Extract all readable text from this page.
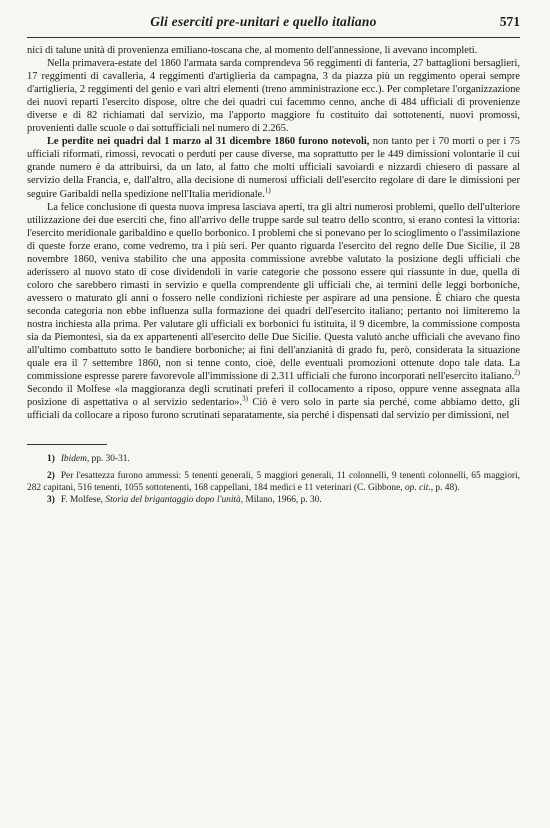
Gli eserciti pre-unitari e quello italiano	571

nici di talune unità di provenienza emiliano-toscana che, al momento dell'annessione, li avevano incompleti.

Nella primavera-estate del 1860 l'armata sarda comprendeva 56 reggimenti di fanteria, 27 battaglioni bersaglieri, 17 reggimenti di cavalleria, 4 reggimenti d'artiglieria da campagna, 3 da piazza più un reggimento operai sempre d'artiglieria, 2 reggimenti del genio e vari altri elementi (treno amministrazione ecc.). Per completare l'organizzazione dei nuovi reparti l'esercito dispose, oltre che dei quadri cui facemmo cenno, anche di 484 ufficiali di provenienze diverse e di 82 richiamati dal servizio, ma l'apporto maggiore fu costituito dai sottotenenti, nuovi promossi, provenienti dalle scuole o dai sottufficiali nel numero di 2.265.

Le perdite nei quadri dal 1 marzo al 31 dicembre 1860 furono notevoli, non tanto per i 70 morti o per i 75 ufficiali riformati, rimossi, revocati o perduti per cause diverse, ma soprattutto per le 449 dimissioni volontarie il cui grande numero è da attribuirsi, da un lato, al fatto che molti ufficiali savoiardi e nizzardi chiesero di passare al servizio della Francia, e, dall'altro, alla decisione di numerosi ufficiali dell'esercito regolare di dare le dimissioni per seguire Garibaldi nella spedizione nell'Italia meridionale.$^{1)}$

La felice conclusione di questa nuova impresa lasciava aperti, tra gli altri numerosi problemi, quello dell'ulteriore utilizzazione dei due eserciti che, fino all'arrivo delle truppe sarde sul teatro dello scontro, si erano contesi la vittoria: l'esercito meridionale garibaldino e quello borbonico. I problemi che si ponevano per lo scioglimento o l'assimilazione di queste forze erano, come vedremo, tra i più seri. Per quanto riguarda l'esercito del regno delle Due Sicilie, il 28 novembre 1860, veniva stabilito che una apposita commissione avrebbe valutato la posizione degli ufficiali che aderissero al nuovo stato di cose dividendoli in varie categorie che possono essere qui riassunte in due, quella di coloro che sarebbero rimasti in servizio e quella comprendente gli ufficiali che, ai termini delle leggi borboniche, avessero o maturato gli anni o fossero nelle condizioni richieste per aspirare ad una pensione. È chiaro che questa seconda categoria non ebbe influenza sulla formazione dei quadri dell'esercito italiano; pertanto noi limiteremo la nostra inchiesta alla prima. Per valutare gli ufficiali ex borbonici fu istituita, il 9 dicembre, la commissione composta sia da Piemontesi, sia da ex appartenenti all'esercito delle Due Sicilie. Questa valutò anche ufficiali che avevano fino all'ultimo combattuto sotto le bandiere borboniche; ai fini dell'anzianità di grado fu, però, considerata la situazione quale era il 7 settembre 1860, non si tenne conto, cioè, delle eventuali promozioni ottenute dopo tale data. La commissione espresse parere favorevole all'immissione di 2.311 ufficiali che furono incorporati nell'esercito italiano.$^{2)}$ Secondo il Molfese «la maggioranza degli scrutinati preferì il collocamento a riposo, oppure venne assegnata alla posizione di aspettativa o al servizio sedentario».$^{3)}$ Ciò è vero solo in parte sia perché, come abbiamo detto, gli ufficiali da collocare a riposo furono scrutinati separatamente, sia perché i dispensati dal servizio per dimissioni, nel

1) Ibidem, pp. 30-31.

2) Per l'esattezza furono ammessi: 5 tenenti generali, 5 maggiori generali, 11 colonnelli, 9 tenenti colonnelli, 65 maggiori, 282 capitani, 516 tenenti, 1055 sottotenenti, 168 cappellani, 184 medici e 11 veterinari (C. Gibbone, op. cit., p. 48).

3) F. Molfese, Storia del brigantaggio dopo l'unità, Milano, 1966, p. 30.
